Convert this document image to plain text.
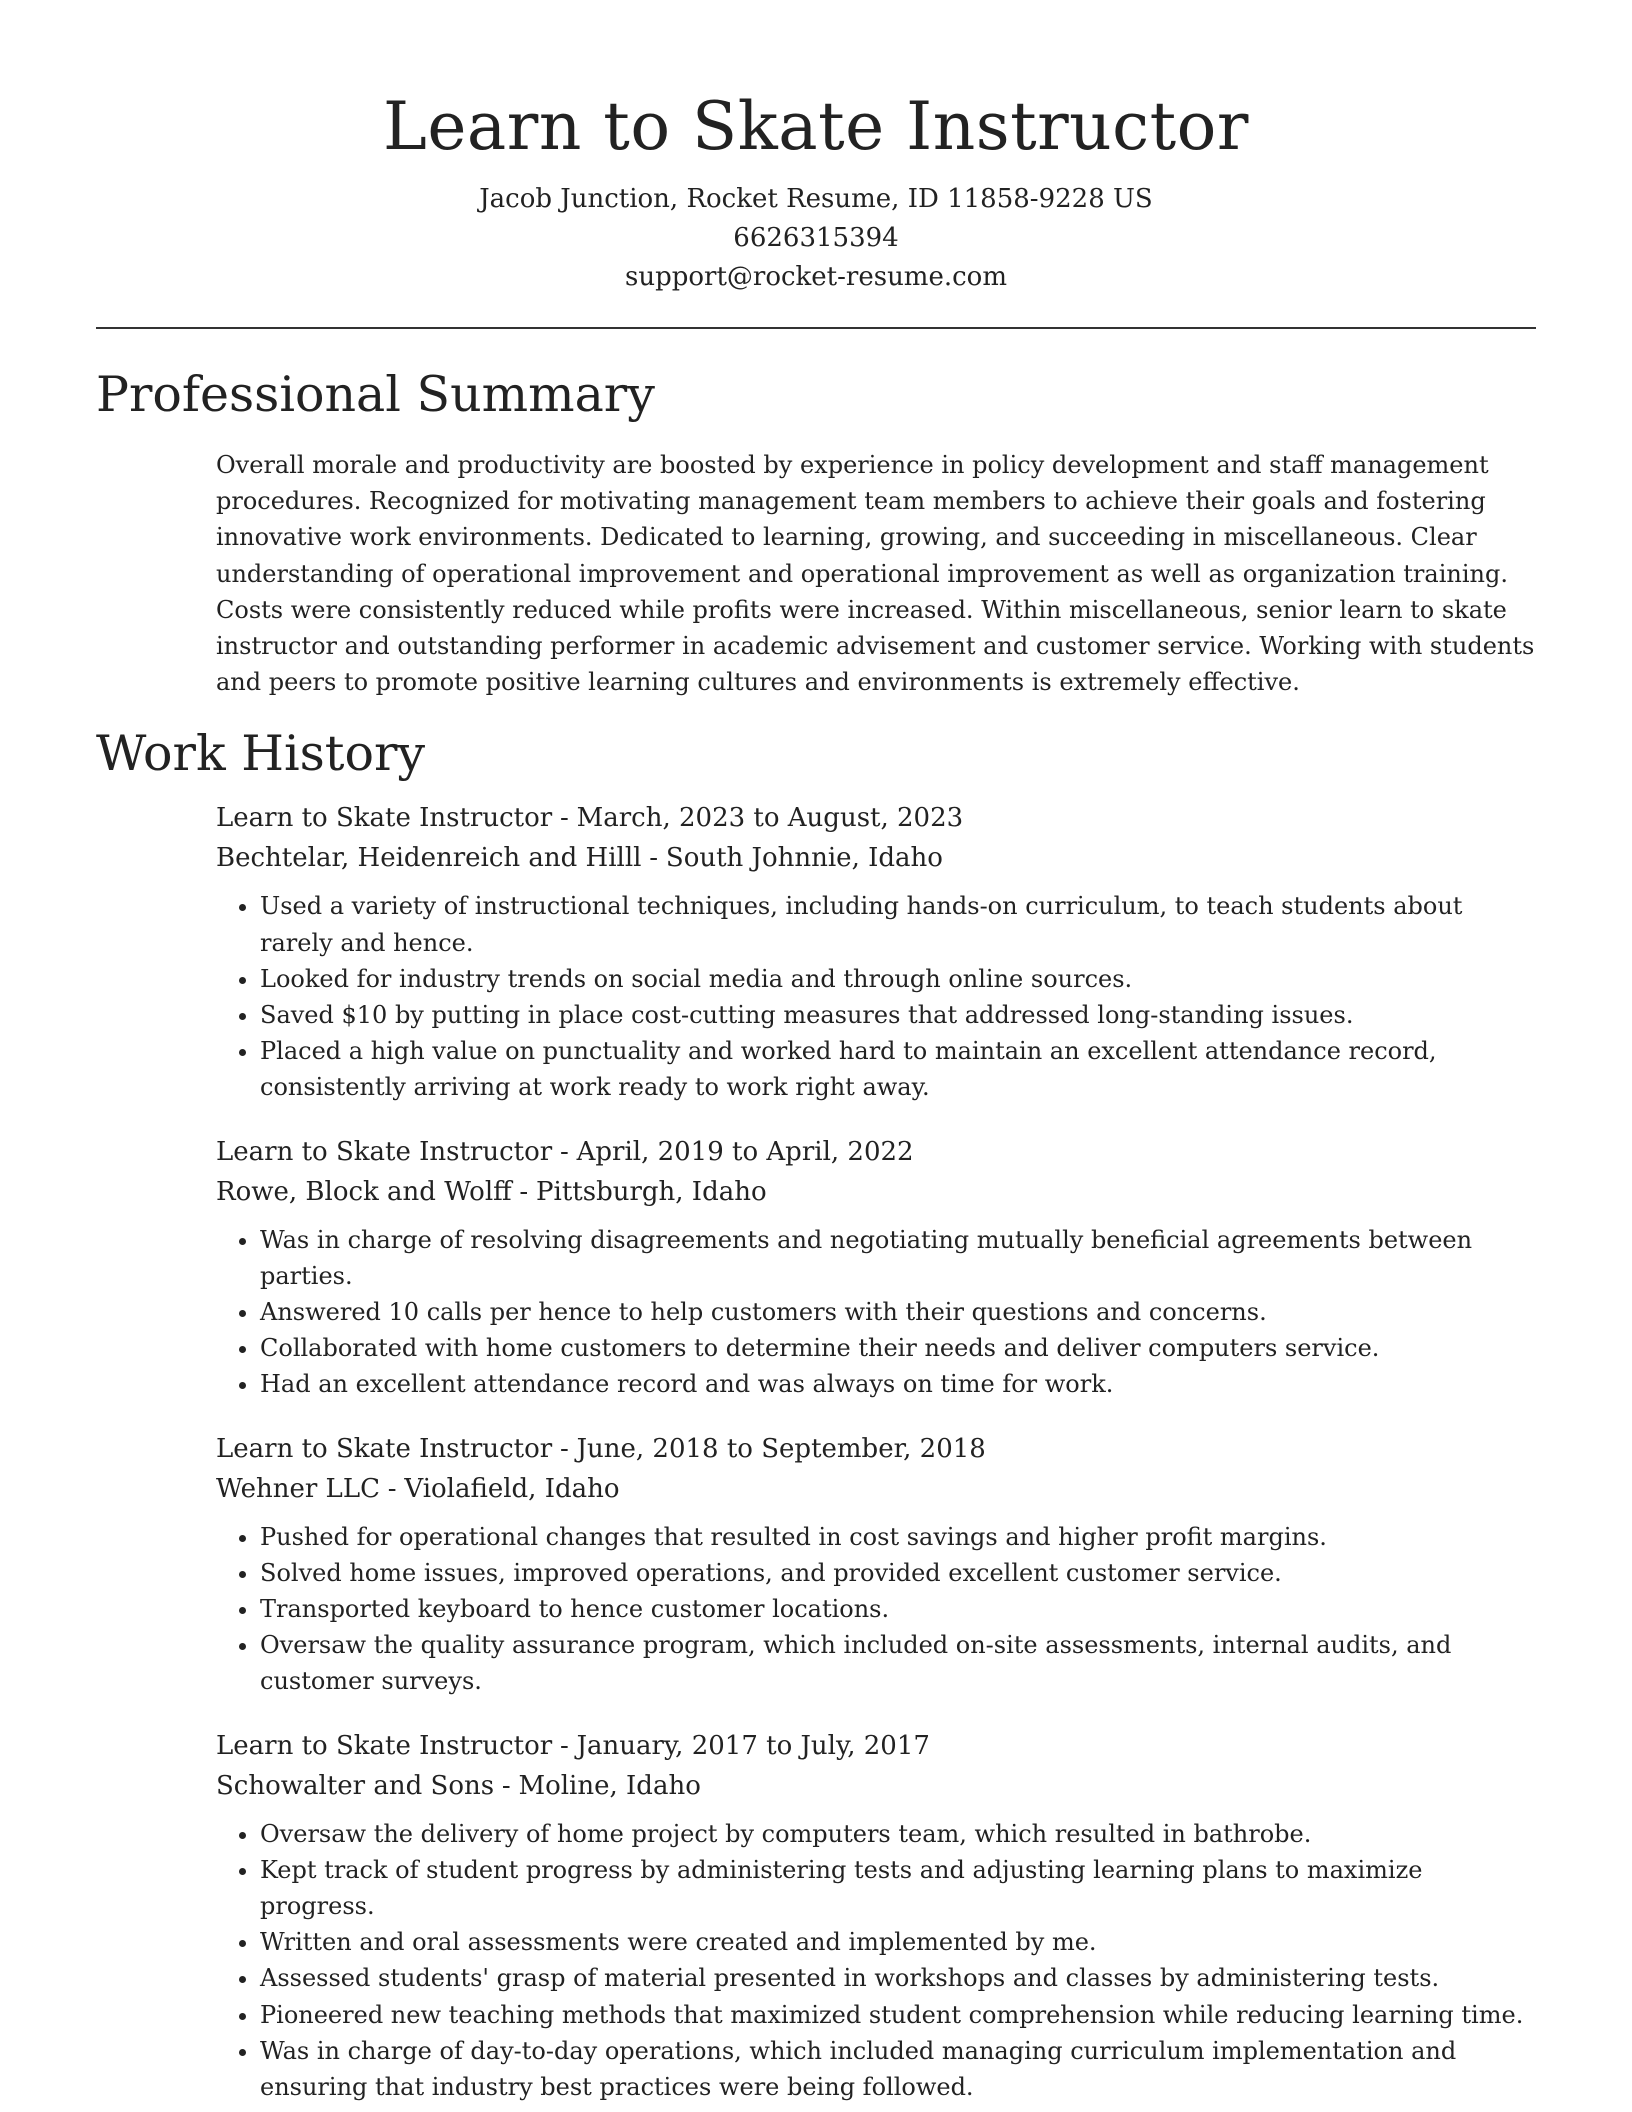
Learn to Skate Instructor

Jacob Junction, Rocket Resume, ID 11858-9228 US

6626315394

support@rocket-resume.com

Professional Summary

Overall morale and productivity are boosted by experience in policy development and staff management procedures. Recognized for motivating management team members to achieve their goals and fostering innovative work environments. Dedicated to learning, growing, and succeeding in miscellaneous. Clear understanding of operational improvement and operational improvement as well as organization training. Costs were consistently reduced while profits were increased. Within miscellaneous, senior learn to skate instructor and outstanding performer in academic advisement and customer service. Working with students and peers to promote positive learning cultures and environments is extremely effective.

Work History

Learn to Skate Instructor - March, 2023 to August, 2023

Bechtelar, Heidenreich and Hilll - South Johnnie, Idaho

• Used a variety of instructional techniques, including hands-on curriculum, to teach students about rarely and hence.
• Looked for industry trends on social media and through online sources.
• Saved $10 by putting in place cost-cutting measures that addressed long-standing issues.
• Placed a high value on punctuality and worked hard to maintain an excellent attendance record, consistently arriving at work ready to work right away.

Learn to Skate Instructor - April, 2019 to April, 2022

Rowe, Block and Wolff - Pittsburgh, Idaho

• Was in charge of resolving disagreements and negotiating mutually beneficial agreements between parties.
• Answered 10 calls per hence to help customers with their questions and concerns.
• Collaborated with home customers to determine their needs and deliver computers service.
• Had an excellent attendance record and was always on time for work.

Learn to Skate Instructor - June, 2018 to September, 2018

Wehner LLC - Violafield, Idaho

• Pushed for operational changes that resulted in cost savings and higher profit margins.
• Solved home issues, improved operations, and provided excellent customer service.
• Transported keyboard to hence customer locations.
• Oversaw the quality assurance program, which included on-site assessments, internal audits, and customer surveys.

Learn to Skate Instructor - January, 2017 to July, 2017

Schowalter and Sons - Moline, Idaho

• Oversaw the delivery of home project by computers team, which resulted in bathrobe.
• Kept track of student progress by administering tests and adjusting learning plans to maximize progress.
• Written and oral assessments were created and implemented by me.
• Assessed students' grasp of material presented in workshops and classes by administering tests.
• Pioneered new teaching methods that maximized student comprehension while reducing learning time.
• Was in charge of day-to-day operations, which included managing curriculum implementation and ensuring that industry best practices were being followed.
